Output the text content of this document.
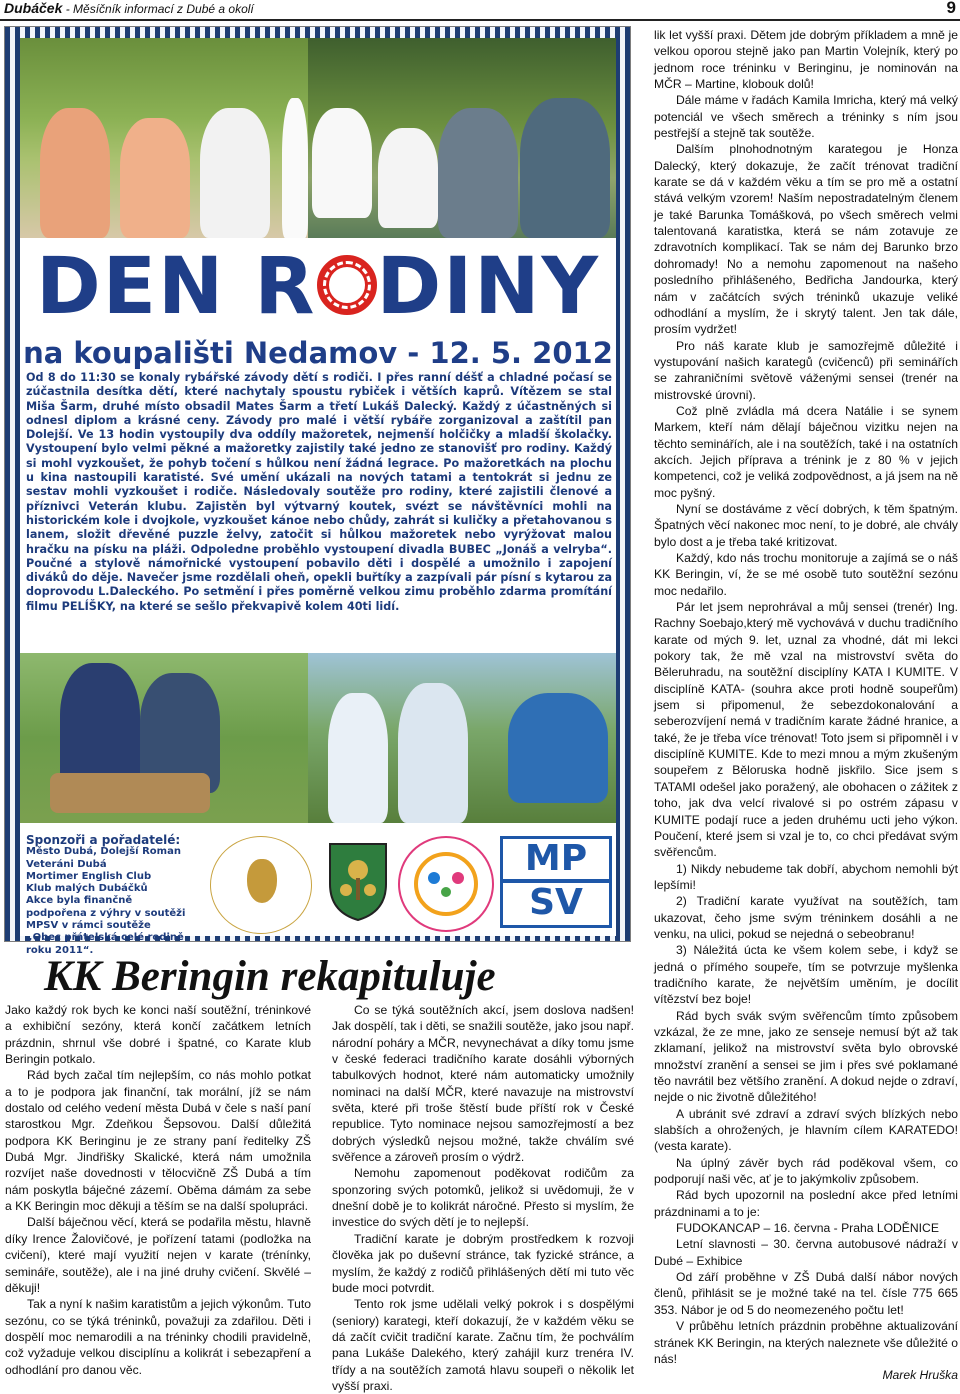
Dubáček - Měsíčník informací z Dubé a okolí	9
DEN R DINY
na koupališti Nedamov - 12. 5. 2012
Od 8 do 11:30 se konaly rybářské závody dětí s rodiči. I přes ranní déšť a chladné počasí se zúčastnila desítka dětí, které nachytaly spoustu rybiček i větších kaprů. Vítězem se stal Miša Šarm, druhé místo obsadil Mates Šarm a třetí Lukáš Dalecký. Každý z účastněných si odnesl diplom a krásné ceny. Závody pro malé i větší rybáře zorganizoval a zaštítil pan Dolejší. Ve 13 hodin vystoupily dva oddíly mažoretek, nejmenší holčičky a mladší školačky. Vystoupení bylo velmi pěkné a mažoretky zajistily také jedno ze stanovišť pro rodiny. Každý si mohl vyzkoušet, že pohyb točení s hůlkou není žádná legrace. Po mažoretkách na plochu u kina nastoupili karatisté. Své umění ukázali na nových tatami a tentokrát si jednu ze sestav mohli vyzkoušet i rodiče. Následovaly soutěže pro rodiny, které zajistili členové a příznivci Veterán klubu. Zajistěn byl výtvarný koutek, svézt se návštěvníci mohli na historickém kole i dvojkole, vyzkoušet kánoe nebo chůdy, zahrát si kuličky a přetahovanou s lanem, složit dřevěné puzzle želvy, zatočit si hůlkou mažoretek nebo vyrýžovat malou hračku na písku na pláži. Odpoledne proběhlo vystoupení divadla BUBEC „Jonáš a velryba“. Poučné a stylově námořnické vystoupení pobavilo děti i dospělé a umožnilo i zapojení diváků do děje. Navečer jsme rozdělali oheň, opekli buřtíky a zazpívali pár písní s kytarou za doprovodu L.Daleckého. Po setmění i přes poměrně velkou zimu proběhlo zdarma promítání filmu PELÍŠKY, na které se sešlo překvapivě kolem 40ti lidí.
Sponzoři a pořadatelé:
Město Dubá, Dolejší Roman
Veteráni Dubá
Mortimer English Club
Klub malých Dubáčků
Akce byla finančně podpořena z výhry v soutěži
MPSV v rámci soutěže
„Obec přátelská celé rodině roku 2011“.
MP
SV
KK Beringin rekapituluje

Jako každý rok bych ke konci naší soutěžní, tréninkové a exhibiční sezóny, která končí začátkem letních prázdnin, shrnul vše dobré i špatné, co Karate klub Beringin potkalo.

Rád bych začal tím nejlepším, co nás mohlo potkat a to je podpora jak finanční, tak morální, jíž se nám dostalo od celého vedení města Dubá v čele s naší paní starostkou Mgr. Zdeňkou Šepsovou. Další důležitá podpora KK Beringinu je ze strany paní ředitelky ZŠ Dubá Mgr. Jindřišky Skalické, která nám umožnila rozvíjet naše dovednosti v tělocvičně ZŠ Dubá a tím nám poskytla báječné zázemí. Oběma dámám za sebe a KK Beringin moc děkuji a těším se na další spolupráci.

Další báječnou věcí, která se podařila městu, hlavně díky Irence Žalovičové, je pořízení tatami (podložka na cvičení), které mají využití nejen v karate (trénínky, semináře, soutěže), ale i na jiné druhy cvičení. Skvělé – děkuji!

Tak a nyní k našim karatistům a jejich výkonům. Tuto sezónu, co se týká tréninků, považuji za zdařilou. Děti i dospělí moc nemarodili a na tréninky chodili pravidelně, což vyžaduje velkou disciplínu a kolikrát i sebezapření a odhodlání pro danou věc.

Co se týká soutěžních akcí, jsem doslova nadšen! Jak dospělí, tak i děti, se snažili soutěže, jako jsou např. národní poháry a MČR, nevynechávat a díky tomu jsme v české federaci tradičního karate dosáhli výborných tabulkových hodnot, které nám automaticky umožnily nominaci na další MČR, které navazuje na mistrovství světa, které při troše štěstí bude příští rok v České republice. Tyto nominace nejsou samozřejmostí a bez dobrých výsledků nejsou možné, takže chválím své svěřence a zároveň prosím o výdrž.

Nemohu zapomenout poděkovat rodičům za sponzoring svých potomků, jelikož si uvědomuji, že v dnešní době je to kolikrát náročné. Přesto si myslím, že investice do svých dětí je to nejlepší.

Tradiční karate je dobrým prostředkem k rozvoji člověka jak po duševní stránce, tak fyzické stránce, a myslím, že každý z rodičů přihlášených dětí mi tuto věc bude moci potvrdit.

Tento rok jsme udělali velký pokrok i s dospělými (seniory) karategi, kteří dokazují, že v každém věku se dá začít cvičit tradiční karate. Začnu tím, že pochválím pana Lukáše Dalekého, který zahájil kurz trenéra IV. třídy a na soutěžích zamotá hlavu soupeři o několik let vyšší praxi.

lik let vyšší praxi. Dětem jde dobrým příkladem a mně je velkou oporou stejně jako pan Martin Volejník, který po jednom roce tréninku v Beringinu, je nominován na MČR – Martine, klobouk dolů!

Dále máme v řadách Kamila Imricha, který má velký potenciál ve všech směrech a tréninky s ním jsou pestřejší a stejně tak soutěže.

Dalším plnohodnotným karategou je Honza Dalecký, který dokazuje, že začít trénovat tradiční karate se dá v každém věku a tím se pro mě a ostatní stává velkým vzorem! Naším nepostradatelným členem je také Barunka Tomášková, po všech směrech velmi talentovaná karatistka, která se nám zotavuje ze zdravotních komplikací. Tak se nám dej Barunko brzo dohromady! No a nemohu zapomenout na našeho posledního přihlášeného, Bedřicha Jandourka, který nám v začátcích svých tréninků ukazuje veliké odhodlání a myslím, že i skrytý talent. Jen tak dále, prosím vydržet!

Pro náš karate klub je samozřejmě důležité i vystupování našich karategů (cvičenců) při seminářích se zahraničními světově váženými sensei (trenér na mistrovské úrovni).

Což plně zvládla má dcera Natálie i se synem Markem, kteří nám dělají báječnou vizitku nejen na těchto seminářích, ale i na soutěžích, také i na ostatních akcích. Jejich příprava a trénink je z 80 % v jejich kompetenci, což je veliká zodpovědnost, a já jsem na ně moc pyšný.

Nyní se dostáváme z věcí dobrých, k těm špatným. Špatných věcí nakonec moc není, to je dobré, ale chvály bylo dost a je třeba také kritizovat.

Každý, kdo nás trochu monitoruje a zajímá se o náš KK Beringin, ví, že se mé osobě tuto soutěžní sezónu moc nedařilo.

Pár let jsem neprohrával a můj sensei (trenér) Ing. Rachny Soebajo,který mě vychovává v duchu tradičního karate od mých 9. let, uznal za vhodné, dát mi lekci pokory tak, že mě vzal na mistrovství světa do Běleruhradu, na soutěžní disciplíny KATA I KUMITE. V disciplíně KATA- (souhra akce proti hodně soupeřům) jsem si připomenul, že sebezdokonalování a seberozvíjení nemá v tradičním karate žádné hranice, a také, že je třeba více trénovat! Toto jsem si připomněl i v disciplíně KUMITE. Kde to mezi mnou a mým zkušeným soupeřem z Běloruska hodně jiskřilo. Sice jsem s TATAMI odešel jako poražený, ale obohacen o zážitek z toho, jak dva velcí rivalové si po ostrém zápasu v KUMITE podají ruce a jeden druhému ucti jeho výkon. Poučení, které jsem si vzal je to, co chci předávat svým svěřencům.

1) Nikdy nebudeme tak dobří, abychom nemohli být lepšími!

2) Tradiční karate využívat na soutěžích, tam ukazovat, čeho jsme svým tréninkem dosáhli a ne venku, na ulici, pokud se nejedná o sebeobranu!

3) Náležitá úcta ke všem kolem sebe, i když se jedná o přímého soupeře, tím se potvrzuje myšlenka tradičního karate, že největším uměním, je docílit vítězství bez boje!

Rád bych svák svým svěřencům tímto způsobem vzkázal, že ze mne, jako ze senseje nemusí být až tak zklamaní, jelikož na mistrovství světa bylo obrovské množství zranění a sensei se jim i přes své poklamané těo navrátil bez většího zranění. A dokud nejde o zdraví, nejde o nic životně důležitého!

A ubránit své zdraví a zdraví svých blízkých nebo slabších a ohrožených, je hlavním cílem KARATEDO! (vesta karate).

Na úplný závěr bych rád poděkoval všem, co podporují naši věc, ať je to jakýmkoliv způsobem.

Rád bych upozornil na poslední akce před letními prázdninami a to je:

FUDOKANCAP – 16. června - Praha LODĚNICE

Letní slavnosti – 30. června autobusové nádraží v Dubé – Exhibice

Od září proběhne v ZŠ Dubá další nábor nových členů, přihlásit se je možné také na tel. čísle 775 665 353. Nábor je od 5 do neomezeného počtu let!

V průběhu letních prázdnin proběhne aktualizování stránek KK Beringin, na kterých naleznete vše důležité o nás!

Marek Hruška
